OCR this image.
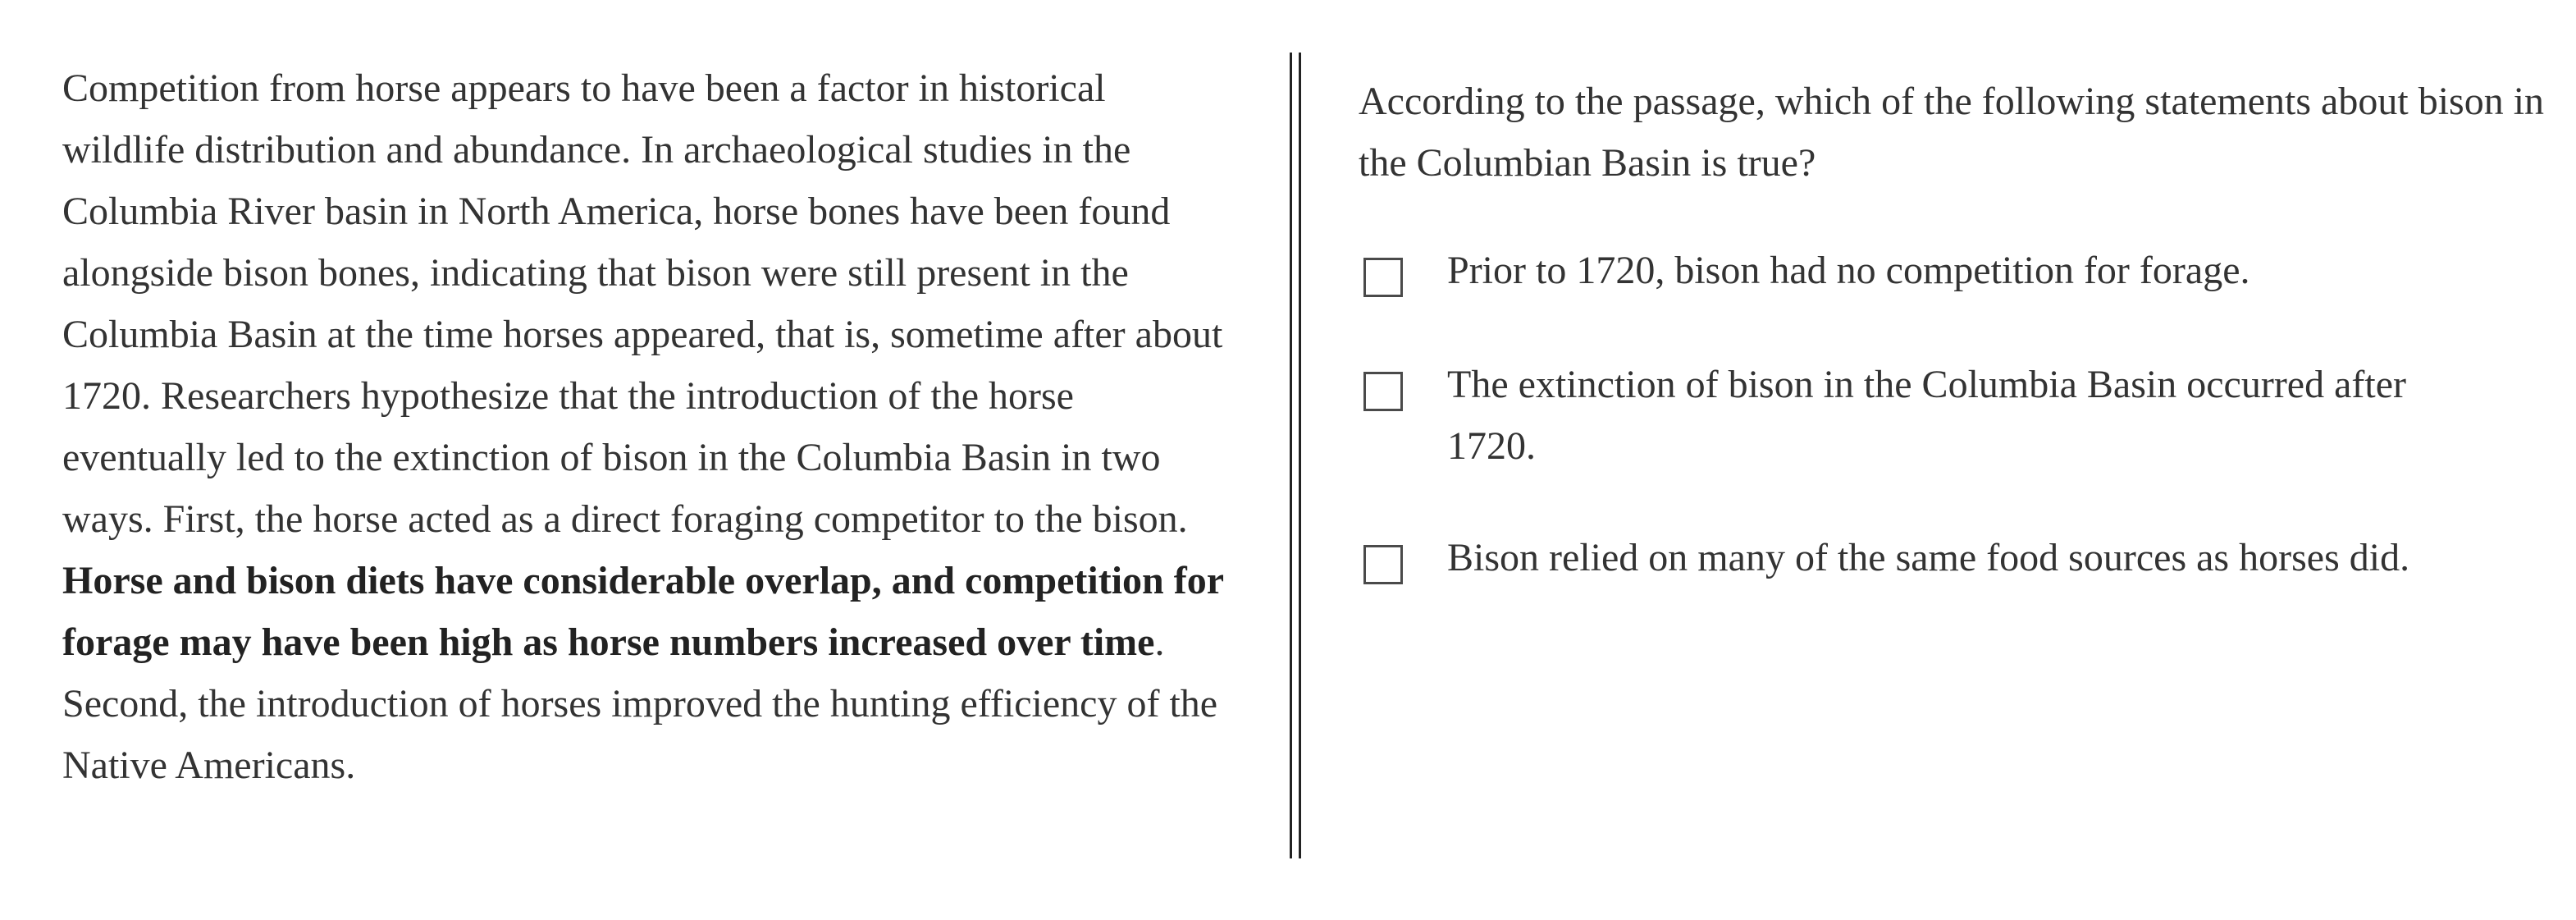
Competition from horse appears to have been a factor in historical wildlife distribution and abundance. In archaeological studies in the Columbia River basin in North America, horse bones have been found alongside bison bones, indicating that bison were still present in the Columbia Basin at the time horses appeared, that is, sometime after about 1720. Researchers hypothesize that the introduction of the horse eventually led to the extinction of bison in the Columbia Basin in two ways. First, the horse acted as a direct foraging competitor to the bison. Horse and bison diets have considerable overlap, and competition for forage may have been high as horse numbers increased over time. Second, the introduction of horses improved the hunting efficiency of the Native Americans.

According to the passage, which of the following statements about bison in the Columbian Basin is true?

Prior to 1720, bison had no competition for forage.
The extinction of bison in the Columbia Basin occurred after 1720.
Bison relied on many of the same food sources as horses did.
